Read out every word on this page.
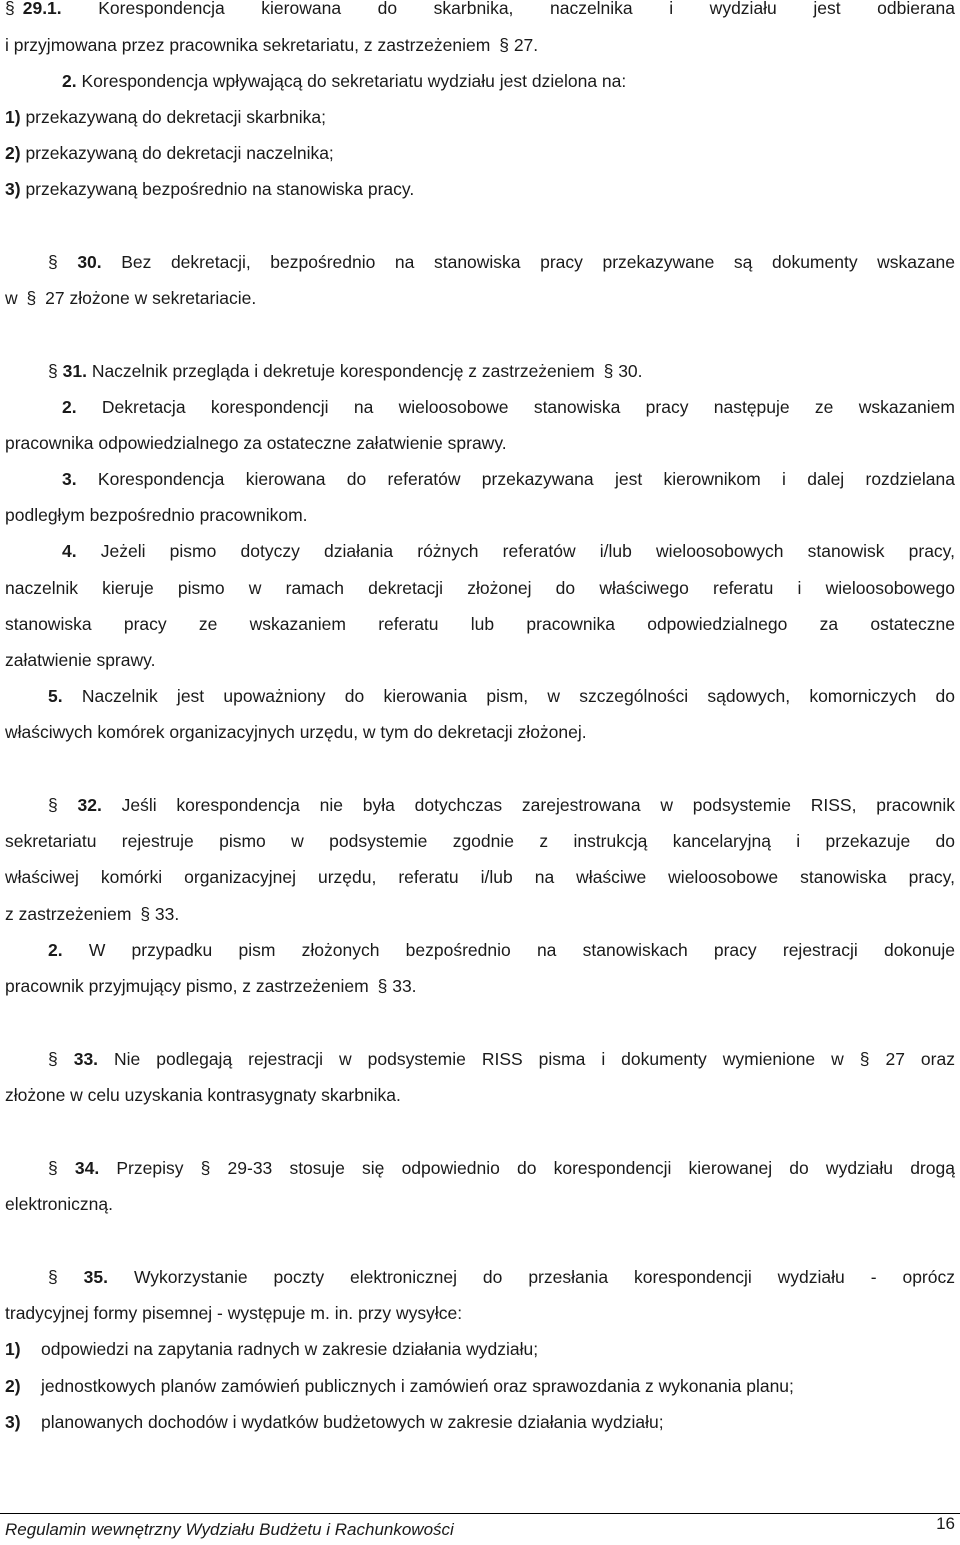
§ 29.1. Korespondencja kierowana do skarbnika, naczelnika i wydziału jest odbierana
i przyjmowana przez pracownika sekretariatu, z zastrzeżeniem § 27.
2. Korespondencja wpływającą do sekretariatu wydziału jest dzielona na:
1) przekazywaną do dekretacji skarbnika;
2) przekazywaną do dekretacji naczelnika;
3) przekazywaną bezpośrednio na stanowiska pracy.
§ 30. Bez dekretacji, bezpośrednio na stanowiska pracy przekazywane są dokumenty wskazane
w § 27 złożone w sekretariacie.
§ 31. Naczelnik przegląda i dekretuje korespondencję z zastrzeżeniem § 30.
2. Dekretacja korespondencji na wieloosobowe stanowiska pracy następuje ze wskazaniem
pracownika odpowiedzialnego za ostateczne załatwienie sprawy.
3. Korespondencja kierowana do referatów przekazywana jest kierownikom i dalej rozdzielana
podległym bezpośrednio pracownikom.
4. Jeżeli pismo dotyczy działania różnych referatów i/lub wieloosobowych stanowisk pracy,
naczelnik kieruje pismo w ramach dekretacji złożonej do właściwego referatu i wieloosobowego
stanowiska pracy ze wskazaniem referatu lub pracownika odpowiedzialnego za ostateczne
załatwienie sprawy.
5. Naczelnik jest upoważniony do kierowania pism, w szczególności sądowych, komorniczych do
właściwych komórek organizacyjnych urzędu, w tym do dekretacji złożonej.
§ 32. Jeśli korespondencja nie była dotychczas zarejestrowana w podsystemie RISS, pracownik
sekretariatu rejestruje pismo w podsystemie zgodnie z instrukcją kancelaryjną i przekazuje do
właściwej komórki organizacyjnej urzędu, referatu i/lub na właściwe wieloosobowe stanowiska pracy,
z zastrzeżeniem § 33.
2. W przypadku pism złożonych bezpośrednio na stanowiskach pracy rejestracji dokonuje
pracownik przyjmujący pismo, z zastrzeżeniem § 33.
§ 33. Nie podlegają rejestracji w podsystemie RISS pisma i dokumenty wymienione w § 27 oraz
złożone w celu uzyskania kontrasygnaty skarbnika.
§ 34. Przepisy § 29-33 stosuje się odpowiednio do korespondencji kierowanej do wydziału drogą
elektroniczną.
§ 35. Wykorzystanie poczty elektronicznej do przesłania korespondencji wydziału - oprócz
tradycyjnej formy pisemnej - występuje m. in. przy wysyłce:
1) odpowiedzi na zapytania radnych w zakresie działania wydziału;
2) jednostkowych planów zamówień publicznych i zamówień oraz sprawozdania z wykonania planu;
3) planowanych dochodów i wydatków budżetowych w zakresie działania wydziału;
Regulamin wewnętrzny Wydziału Budżetu i Rachunkowości	16
